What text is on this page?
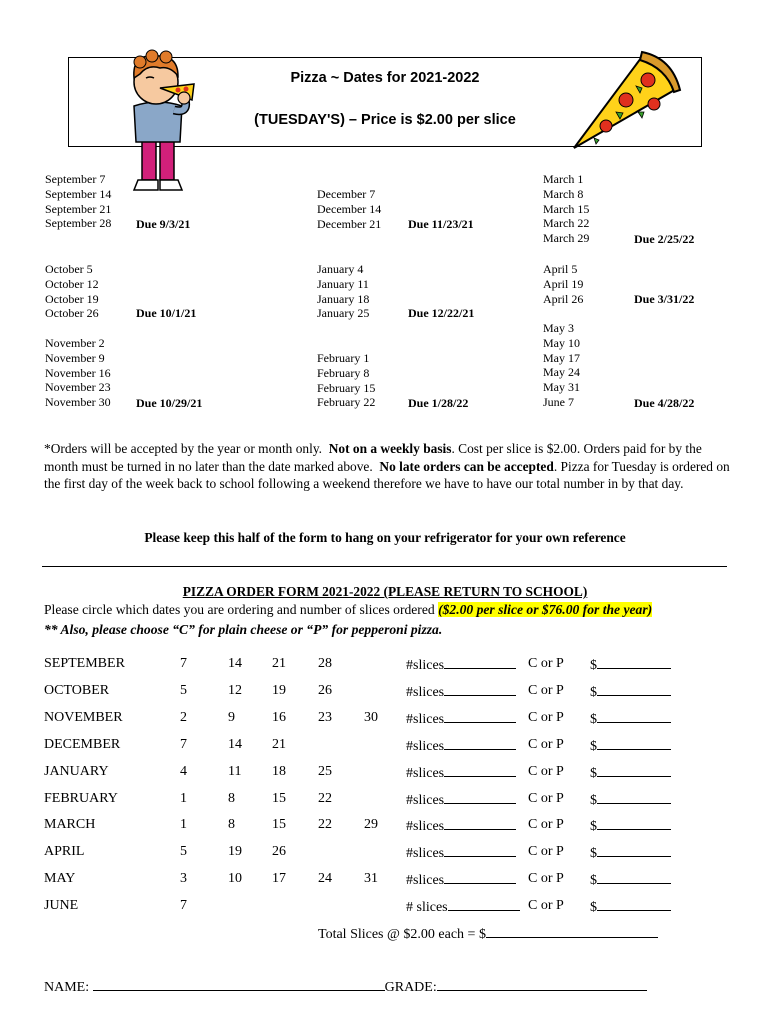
Pizza ~ Dates for 2021-2022
(TUESDAY'S) – Price is $2.00 per slice
September 7
September 14
September 21
September 28 Due 9/3/21
October 5
October 12
October 19
October 26	Due 10/1/21
November 2
November 9
November 16
November 23
November 30 Due 10/29/21
December 7
December 14
December 21 Due 11/23/21
January 4
January 11
January 18
January 25	Due 12/22/21
February 1
February 8
February 15
February 22	Due 1/28/22
March 1
March 8
March 15
March 22
March 29	Due 2/25/22
April 5
April 19
April 26	Due 3/31/22
May 3
May 10
May 17
May 24
May 31
June 7	Due 4/28/22
*Orders will be accepted by the year or month only. Not on a weekly basis. Cost per slice is $2.00. Orders paid for by the month must be turned in no later than the date marked above. No late orders can be accepted. Pizza for Tuesday is ordered on the first day of the week back to school following a weekend therefore we have to have our total number in by that day.
Please keep this half of the form to hang on your refrigerator for your own reference
PIZZA ORDER FORM 2021-2022 (PLEASE RETURN TO SCHOOL)
Please circle which dates you are ordering and number of slices ordered ($2.00 per slice or $76.00 for the year)
** Also, please choose “C” for plain cheese or “P” for pepperoni pizza.
SEPTEMBER	7	14 21 28	#slices	C or P $
OCTOBER	5	12 19 26	#slices	C or P $
NOVEMBER	2	9	16 23 30 #slices	C or P $
DECEMBER	7	14 21	#slices	C or P $
JANUARY	4	11 18 25	#slices	C or P $
FEBRUARY	1	8	15 22	#slices	C or P $
MARCH	1	8	15 22 29 #slices	C or P $
APRIL	5	19 26	#slices	C or P $
MAY	3	10 17 24 31 #slices	C or P $
JUNE	7	# slices	C or P $
Total Slices @ $2.00 each = $
NAME:	GRADE:
